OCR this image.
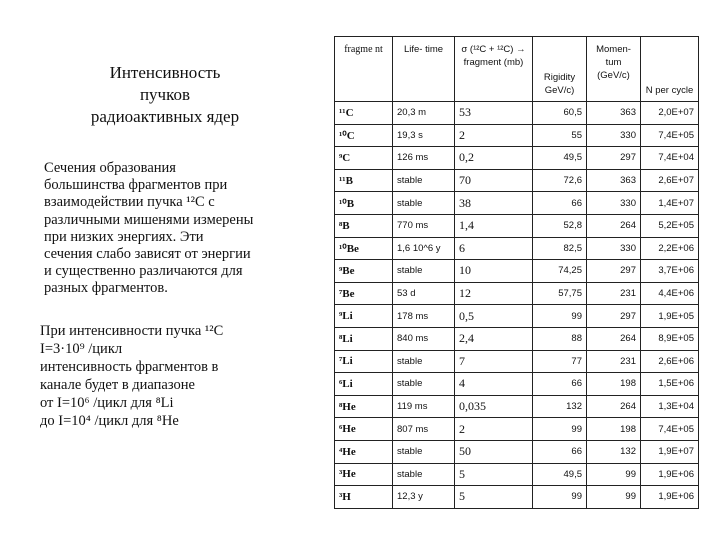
Интенсивность
пучков
радиоактивных ядер
Сечения образования
большинства фрагментов при
взаимодействии пучка ¹²C с
различными мишенями измерены
при низких энергиях. Эти
сечения слабо зависят от энергии
и существенно различаются для
разных фрагментов.
При интенсивности пучка ¹²C
I=3·10⁹ /цикл
интенсивность фрагментов в
канале будет в диапазоне
от I=10⁶ /цикл для ⁸Li
до I=10⁴ /цикл для ⁸He
fragme nt	Life- time	σ (¹²C + ¹²C) → fragment (mb)	Rigidity GeV/c)	Momen- tum (GeV/c)	N per cycle
¹¹C	20,3 m	53	60,5	363	2,0E+07
¹⁰C	19,3 s	2	55	330	7,4E+05
⁹C	126 ms	0,2	49,5	297	7,4E+04
¹¹B	stable	70	72,6	363	2,6E+07
¹⁰B	stable	38	66	330	1,4E+07
⁸B	770 ms	1,4	52,8	264	5,2E+05
¹⁰Be	1,6 10^6 y	6	82,5	330	2,2E+06
⁹Be	stable	10	74,25	297	3,7E+06
⁷Be	53 d	12	57,75	231	4,4E+06
⁹Li	178 ms	0,5	99	297	1,9E+05
⁸Li	840 ms	2,4	88	264	8,9E+05
⁷Li	stable	7	77	231	2,6E+06
⁶Li	stable	4	66	198	1,5E+06
⁸He	119 ms	0,035	132	264	1,3E+04
⁶He	807 ms	2	99	198	7,4E+05
⁴He	stable	50	66	132	1,9E+07
³He	stable	5	49,5	99	1,9E+06
³H	12,3 y	5	99	99	1,9E+06
